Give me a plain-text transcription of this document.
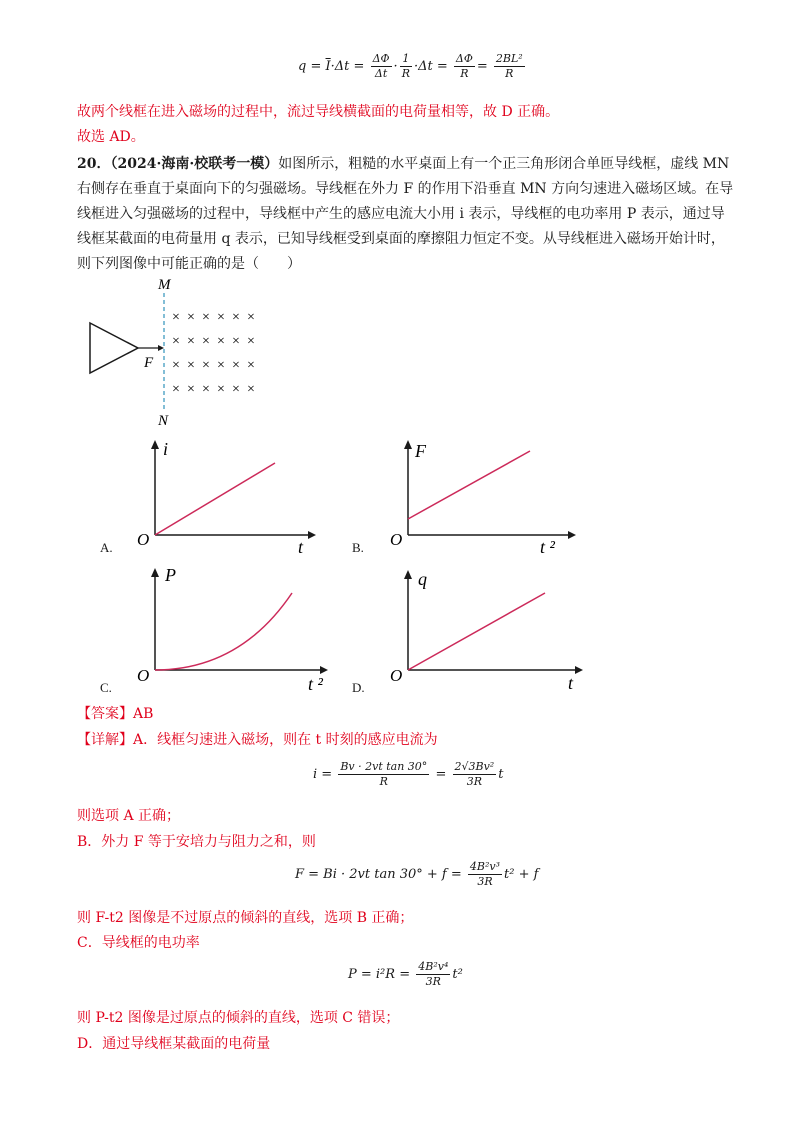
$q = \overline{I}\cdot\Delta t = \frac{\Delta\Phi}{\Delta t} \cdot \frac{1}{R} \cdot\Delta t = \frac{\Delta\Phi}{R} = \frac{\text{2BL²}}{R}$
故两个线框在进入磁场的过程中，流过导线横截面的电荷量相等，故 D 正确。
故选 AD。
20．（2024·海南·校联考一模）如图所示，粗糙的水平桌面上有一个正三角形闭合单匝导线框，虚线 MN
右侧存在垂直于桌面向下的匀强磁场。导线框在外力 F 的作用下沿垂直 MN 方向匀速进入磁场区域。在导
线框进入匀强磁场的过程中，导线框中产生的感应电流大小用 i 表示，导线框的电功率用 P 表示，通过导
线框某截面的电荷量用 q 表示，已知导线框受到桌面的摩擦阻力恒定不变。从导线框进入磁场开始计时，
则下列图像中可能正确的是（　　）
M
N
F
× × × × × ×
× × × × × ×
× × × × × ×
× × × × × ×
A.	B.
C.	D.
i
t
O
F
t ²
O
P
t ²
O
q
t
O
【答案】AB
【详解】A．线框匀速进入磁场，则在 t 时刻的感应电流为
$i = \frac{\text{Bv · 2vt tan 30°}}{R} = \frac{\text{2√3Bv²}}{3R}$ t
则选项 A 正确；
B．外力 F 等于安培力与阻力之和，则
F = Bi · 2vt $\tan 30^\circ + f = \frac{\text{4B²v³}}{3R} t^2 + f$
则 F-t2 图像是不过原点的倾斜的直线，选项 B 正确；
C．导线框的电功率
$P = i^2R = \frac{\text{4B²v⁴}}{3R} t^2$
则 P-t2 图像是过原点的倾斜的直线，选项 C 错误；
D．通过导线框某截面的电荷量
